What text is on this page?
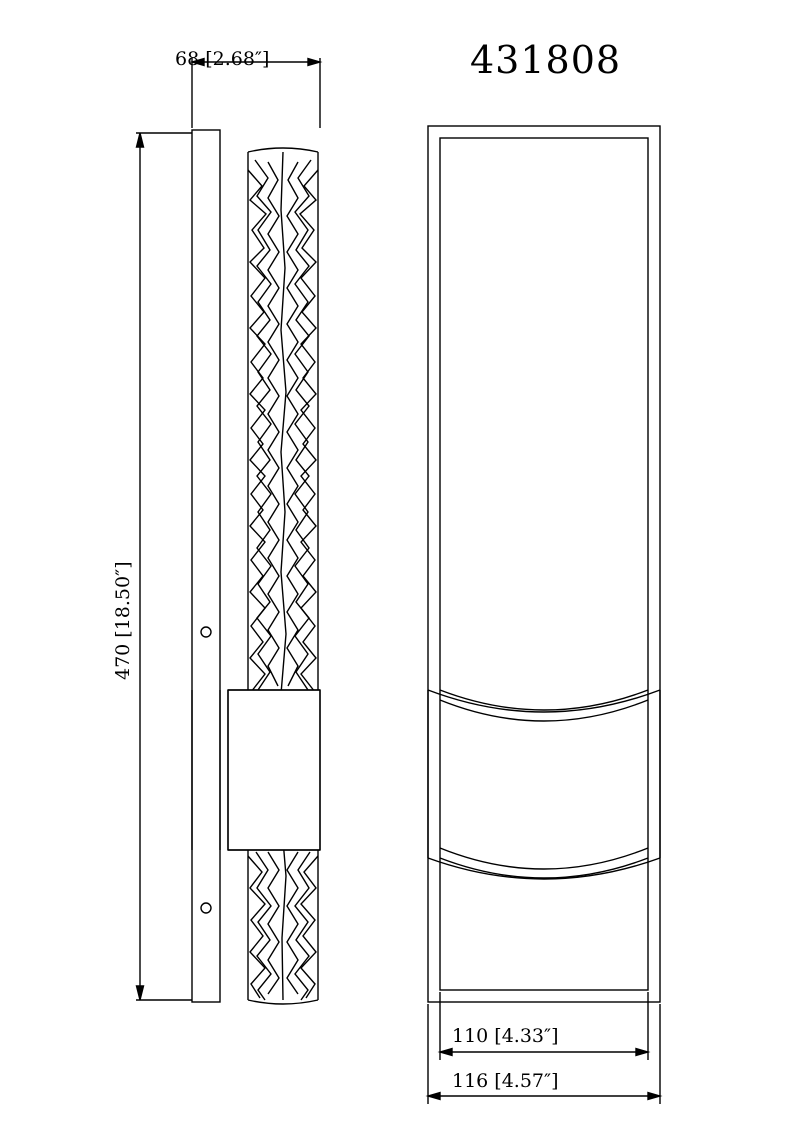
431808
68 [2.68″]
470 [18.50″]
110 [4.33″]
116 [4.57″]
